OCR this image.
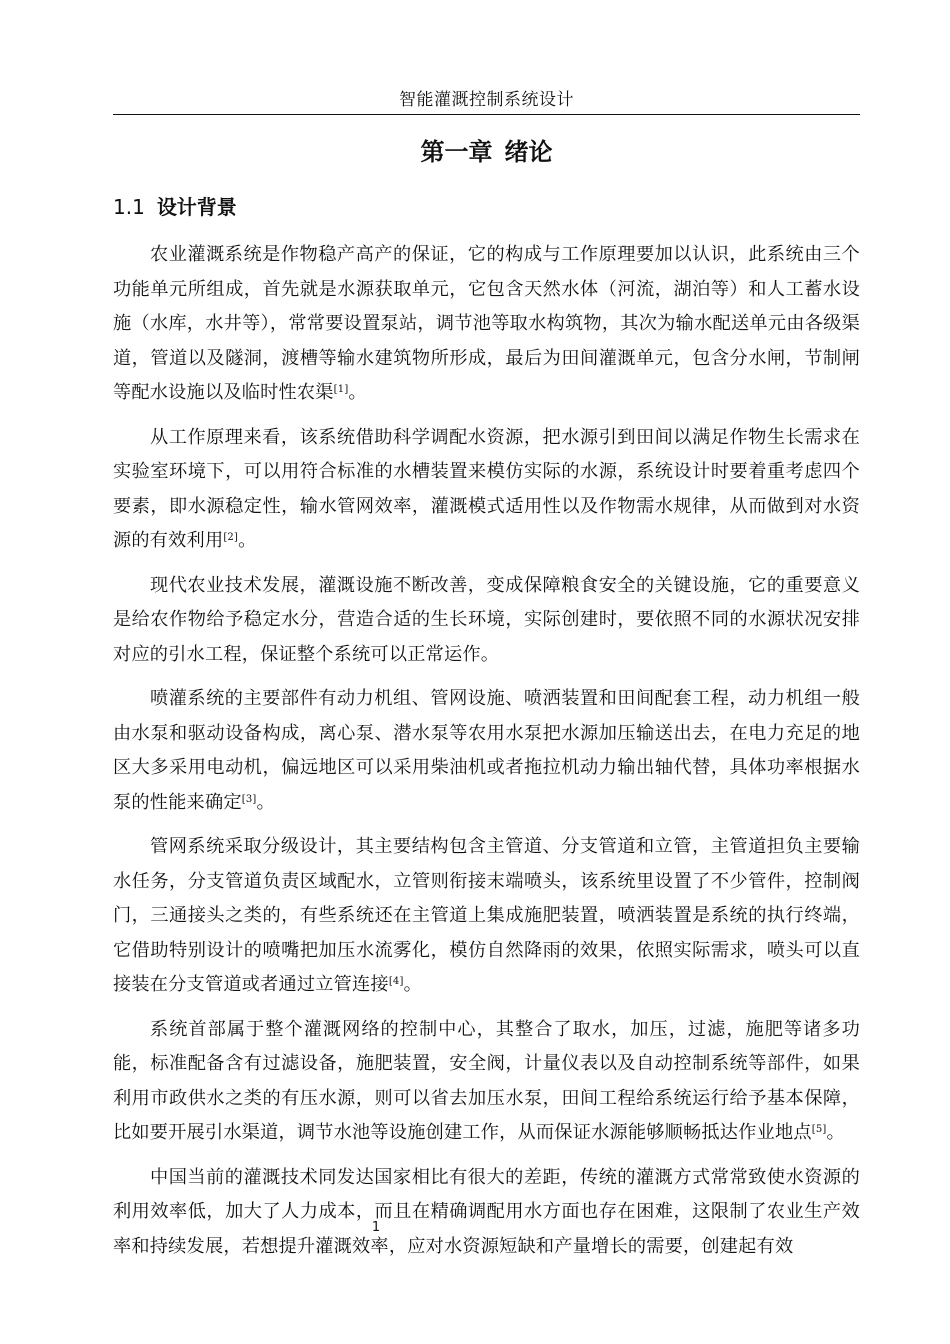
智能灌溉控制系统设计
第一章 绪论
1.1 设计背景

农业灌溉系统是作物稳产高产的保证，它的构成与工作原理要加以认识，此系统由三个功能单元所组成，首先就是水源获取单元，它包含天然水体（河流，湖泊等）和人工蓄水设施（水库，水井等），常常要设置泵站，调节池等取水构筑物，其次为输水配送单元由各级渠道，管道以及隧洞，渡槽等输水建筑物所形成，最后为田间灌溉单元，包含分水闸，节制闸等配水设施以及临时性农渠[1]。

从工作原理来看，该系统借助科学调配水资源，把水源引到田间以满足作物生长需求在实验室环境下，可以用符合标准的水槽装置来模仿实际的水源，系统设计时要着重考虑四个要素，即水源稳定性，输水管网效率，灌溉模式适用性以及作物需水规律，从而做到对水资源的有效利用[2]。

现代农业技术发展，灌溉设施不断改善，变成保障粮食安全的关键设施，它的重要意义是给农作物给予稳定水分，营造合适的生长环境，实际创建时，要依照不同的水源状况安排对应的引水工程，保证整个系统可以正常运作。

喷灌系统的主要部件有动力机组、管网设施、喷洒装置和田间配套工程，动力机组一般由水泵和驱动设备构成，离心泵、潜水泵等农用水泵把水源加压输送出去，在电力充足的地区大多采用电动机，偏远地区可以采用柴油机或者拖拉机动力输出轴代替，具体功率根据水泵的性能来确定[3]。

管网系统采取分级设计，其主要结构包含主管道、分支管道和立管，主管道担负主要输水任务，分支管道负责区域配水，立管则衔接末端喷头，该系统里设置了不少管件，控制阀门，三通接头之类的，有些系统还在主管道上集成施肥装置，喷洒装置是系统的执行终端，它借助特别设计的喷嘴把加压水流雾化，模仿自然降雨的效果，依照实际需求，喷头可以直接装在分支管道或者通过立管连接[4]。

系统首部属于整个灌溉网络的控制中心，其整合了取水，加压，过滤，施肥等诸多功能，标准配备含有过滤设备，施肥装置，安全阀，计量仪表以及自动控制系统等部件，如果利用市政供水之类的有压水源，则可以省去加压水泵，田间工程给系统运行给予基本保障，比如要开展引水渠道，调节水池等设施创建工作，从而保证水源能够顺畅抵达作业地点[5]。

中国当前的灌溉技术同发达国家相比有很大的差距，传统的灌溉方式常常致使水资源的利用效率低，加大了人力成本，而且在精确调配用水方面也存在困难，这限制了农业生产效率和持续发展，若想提升灌溉效率，应对水资源短缺和产量增长的需要，创建起有效

1
